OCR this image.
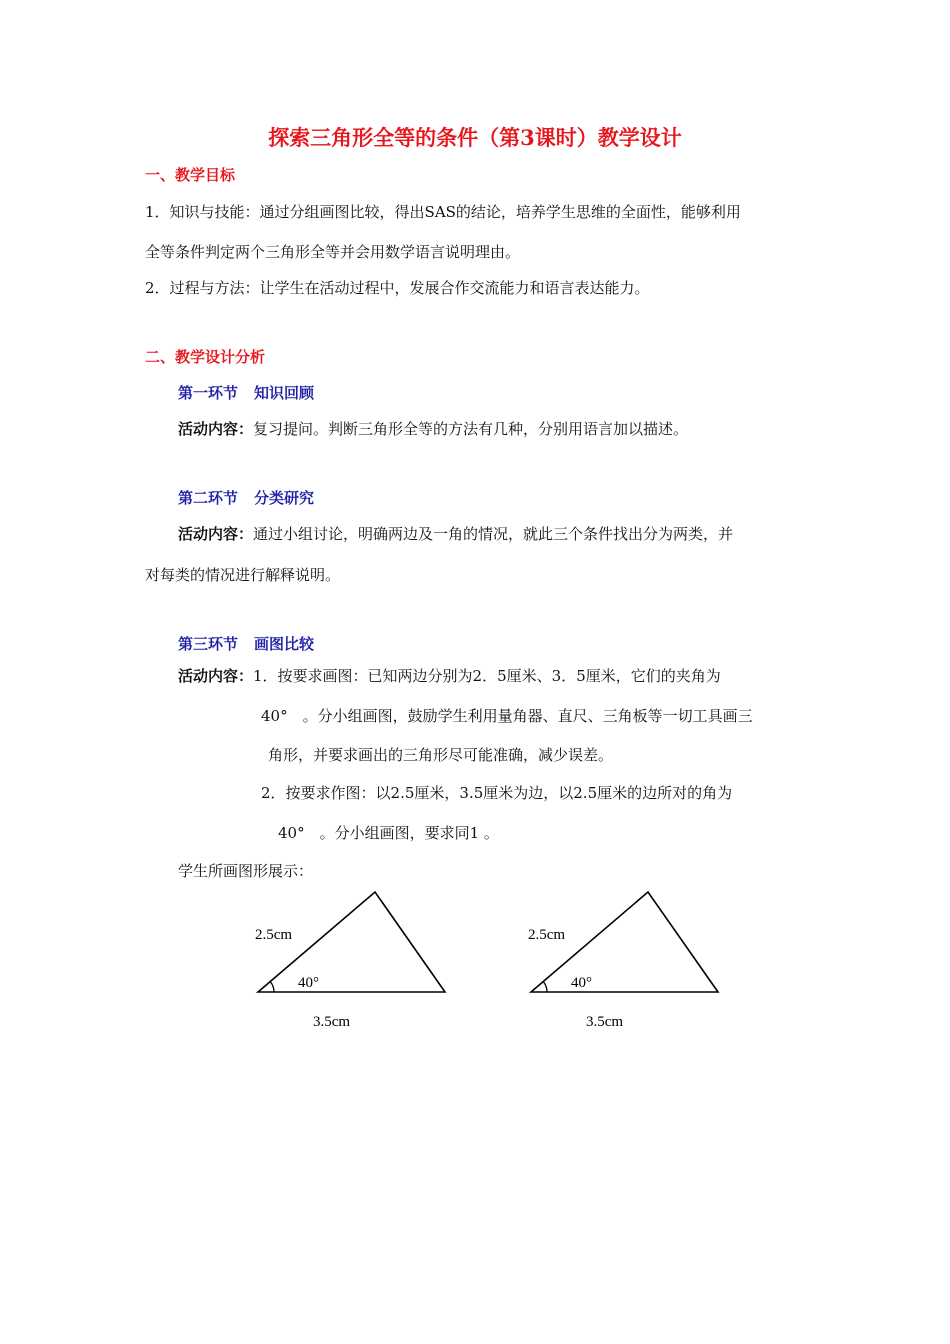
探索三角形全等的条件（第3课时）教学设计
一、教学目标
1．知识与技能：通过分组画图比较，得出SAS的结论，培养学生思维的全面性，能够利用
全等条件判定两个三角形全等并会用数学语言说明理由。
2．过程与方法：让学生在活动过程中，发展合作交流能力和语言表达能力。
二、教学设计分析
第一环节 知识回顾
活动内容：复习提问。判断三角形全等的方法有几种，分别用语言加以描述。
第二环节 分类研究
活动内容：通过小组讨论，明确两边及一角的情况，就此三个条件找出分为两类，并
对每类的情况进行解释说明。
第三环节 画图比较
活动内容：1．按要求画图：已知两边分别为2．5厘米、3．5厘米，它们的夹角为
40°　。分小组画图，鼓励学生利用量角器、直尺、三角板等一切工具画三
角形，并要求画出的三角形尽可能准确，减少误差。
2．按要求作图：以2.5厘米，3.5厘米为边，以2.5厘米的边所对的角为
40°　。分小组画图，要求同1 。
学生所画图形展示：
2.5cm
40°
3.5cm
2.5cm
40°
3.5cm
